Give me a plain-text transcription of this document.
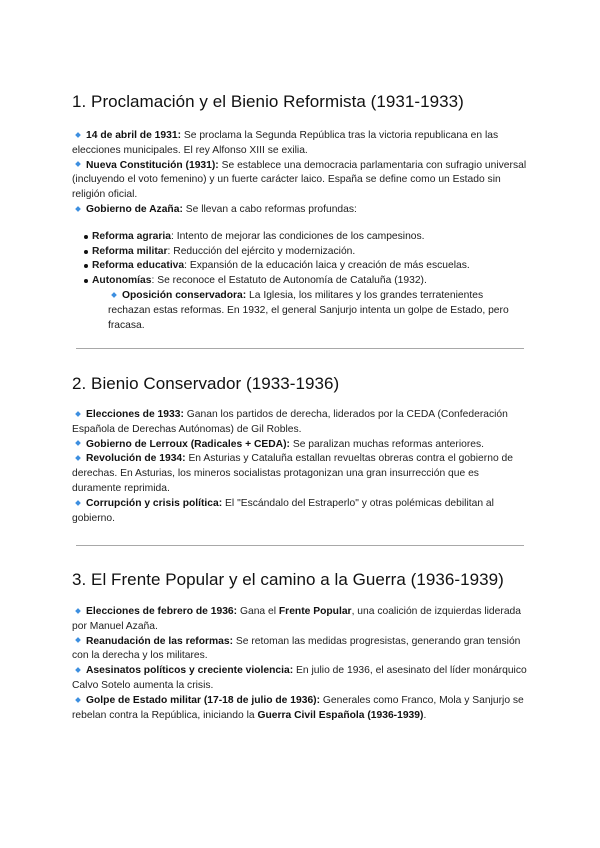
1. Proclamación y el Bienio Reformista (1931-1933)

14 de abril de 1931: Se proclama la Segunda República tras la victoria republicana en las elecciones municipales. El rey Alfonso XIII se exilia.

Nueva Constitución (1931): Se establece una democracia parlamentaria con sufragio universal (incluyendo el voto femenino) y un fuerte carácter laico. España se define como un Estado sin religión oficial.

Gobierno de Azaña: Se llevan a cabo reformas profundas:

Reforma agraria: Intento de mejorar las condiciones de los campesinos.
Reforma militar: Reducción del ejército y modernización.
Reforma educativa: Expansión de la educación laica y creación de más escuelas.
Autonomías: Se reconoce el Estatuto de Autonomía de Cataluña (1932).

Oposición conservadora: La Iglesia, los militares y los grandes terratenientes rechazan estas reformas. En 1932, el general Sanjurjo intenta un golpe de Estado, pero fracasa.

2. Bienio Conservador (1933-1936)

Elecciones de 1933: Ganan los partidos de derecha, liderados por la CEDA (Confederación Española de Derechas Autónomas) de Gil Robles.

Gobierno de Lerroux (Radicales + CEDA): Se paralizan muchas reformas anteriores.

Revolución de 1934: En Asturias y Cataluña estallan revueltas obreras contra el gobierno de derechas. En Asturias, los mineros socialistas protagonizan una gran insurrección que es duramente reprimida.

Corrupción y crisis política: El "Escándalo del Estraperlo" y otras polémicas debilitan al gobierno.

3. El Frente Popular y el camino a la Guerra (1936-1939)

Elecciones de febrero de 1936: Gana el Frente Popular, una coalición de izquierdas liderada por Manuel Azaña.

Reanudación de las reformas: Se retoman las medidas progresistas, generando gran tensión con la derecha y los militares.

Asesinatos políticos y creciente violencia: En julio de 1936, el asesinato del líder monárquico Calvo Sotelo aumenta la crisis.

Golpe de Estado militar (17-18 de julio de 1936): Generales como Franco, Mola y Sanjurjo se rebelan contra la República, iniciando la Guerra Civil Española (1936-1939).
